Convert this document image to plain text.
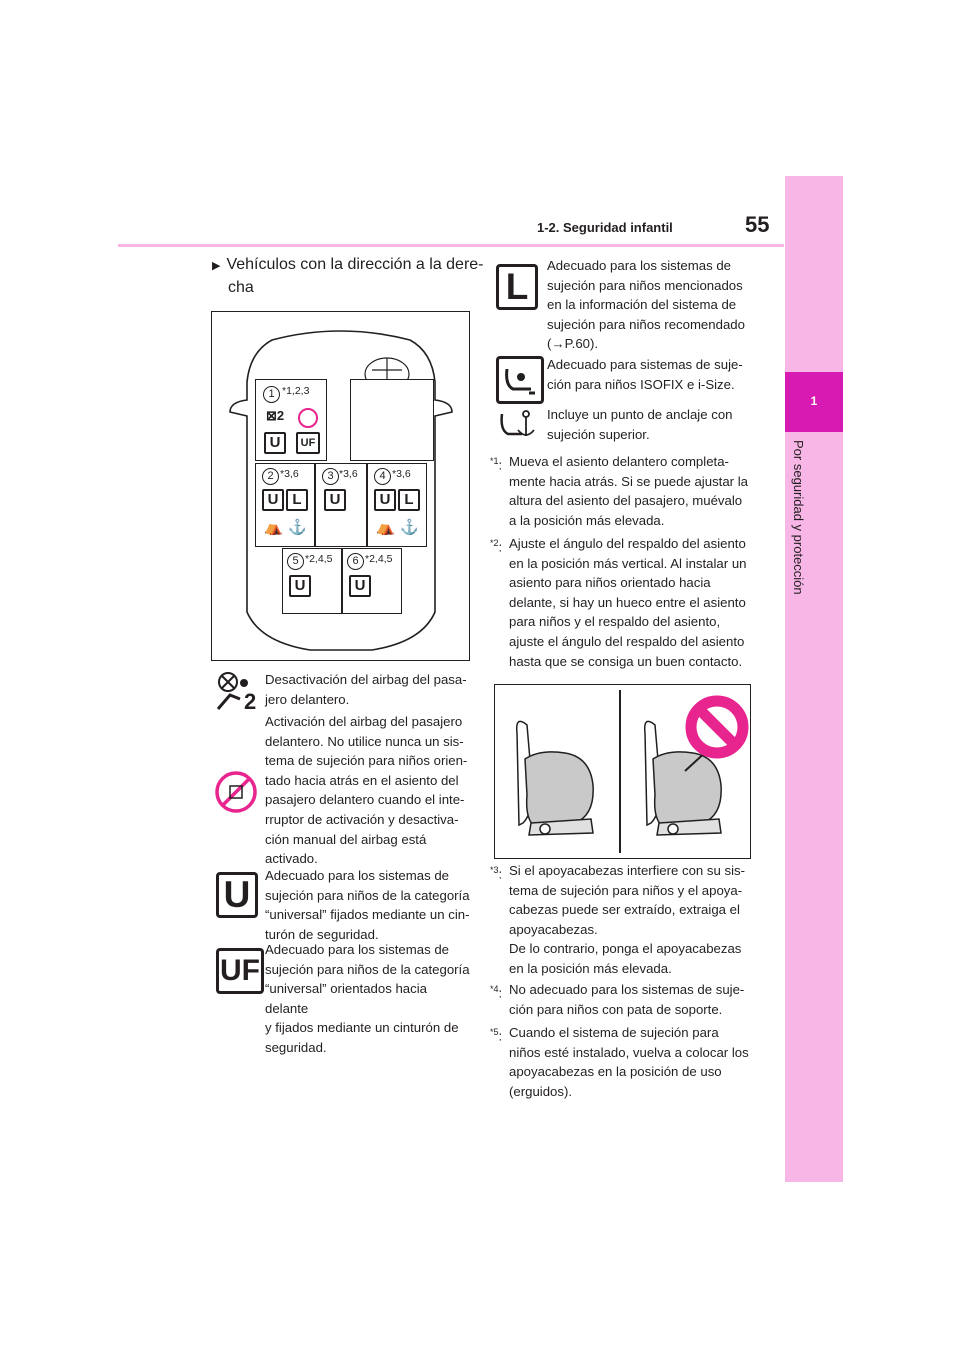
1-2. Seguridad infantil	55
1
Por seguridad y protección
▶ Vehículos con la dirección a la dere-
cha
1 *1,2,3
⊠2
U	UF
2 *3,6
U L
⛺ ⚓
3 *3,6
U
4 *3,6
U L
⛺ ⚓
5 *2,4,5
U
6 *2,4,5
U
2
Desactivación del airbag del pasa-
jero delantero.
Activación del airbag del pasajero
delantero. No utilice nunca un sis-
tema de sujeción para niños orien-
tado hacia atrás en el asiento del
pasajero delantero cuando el inte-
rruptor de activación y desactiva-
ción manual del airbag está
activado.
U	Adecuado para los sistemas de
sujeción para niños de la categoría
“universal” fijados mediante un cin-
turón de seguridad.
UF
Adecuado para los sistemas de
sujeción para niños de la categoría
“universal” orientados hacia delante
y fijados mediante un cinturón de
seguridad.
L
Adecuado para los sistemas de
sujeción para niños mencionados
en la información del sistema de
sujeción para niños recomendado
(→P.60).
Adecuado para sistemas de suje-
ción para niños ISOFIX e i-Size.
Incluye un punto de anclaje con
sujeción superior.
$^{*1}$: Mueva el asiento delantero completa-
mente hacia atrás. Si se puede ajustar la
altura del asiento del pasajero, muévalo
a la posición más elevada.
$^{*2}$: Ajuste el ángulo del respaldo del asiento
en la posición más vertical. Al instalar un
asiento para niños orientado hacia
delante, si hay un hueco entre el asiento
para niños y el respaldo del asiento,
ajuste el ángulo del respaldo del asiento
hasta que se consiga un buen contacto.
$^{*3}$: Si el apoyacabezas interfiere con su sis-
tema de sujeción para niños y el apoya-
cabezas puede ser extraído, extraiga el
apoyacabezas.
De lo contrario, ponga el apoyacabezas
en la posición más elevada.
$^{*4}$: No adecuado para los sistemas de suje-
ción para niños con pata de soporte.
$^{*5}$: Cuando el sistema de sujeción para
niños esté instalado, vuelva a colocar los
apoyacabezas en la posición de uso
(erguidos).
